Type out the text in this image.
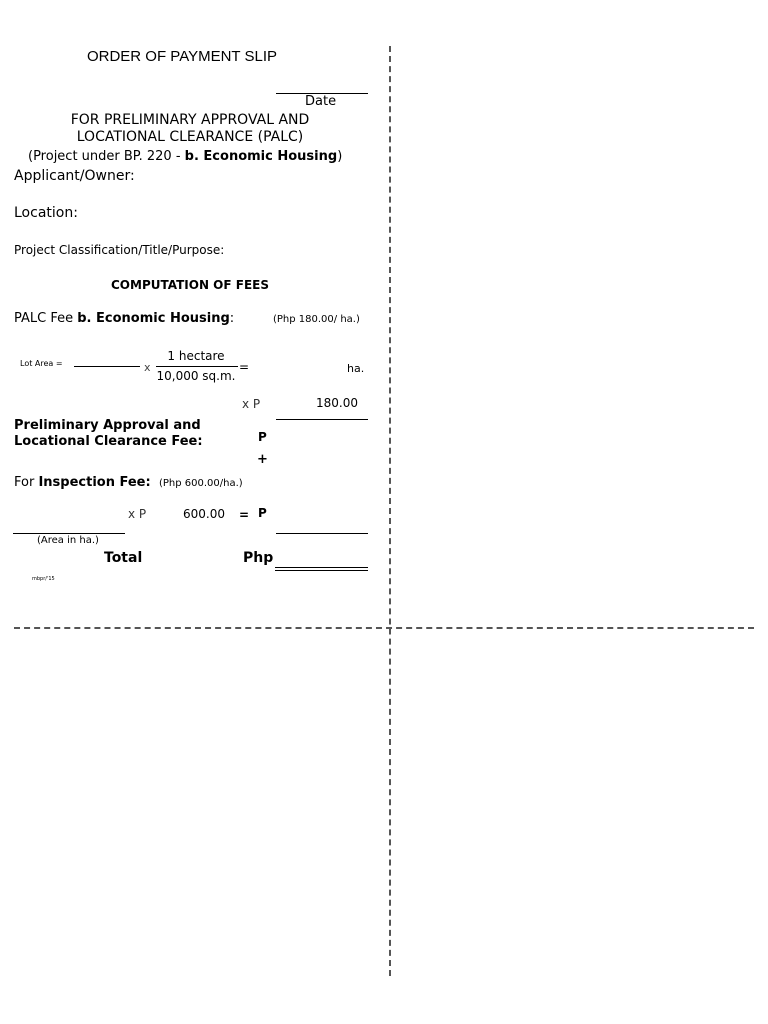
ORDER OF PAYMENT SLIP
Date
FOR PRELIMINARY APPROVAL AND
LOCATIONAL CLEARANCE (PALC)
(Project under BP. 220 - b. Economic Housing)
Applicant/Owner:
Location:
Project Classification/Title/Purpose:
COMPUTATION OF FEES
PALC Fee b. Economic Housing:	(Php 180.00/ ha.)
Lot Area =	x
1 hectare
10,000 sq.m.
=	ha.
x P	180.00
Preliminary Approval and
Locational Clearance Fee:	P
+
For Inspection Fee: (Php 600.00/ha.)
x P	600.00 = P
(Area in ha.)
Total	Php
mbpr/'15
